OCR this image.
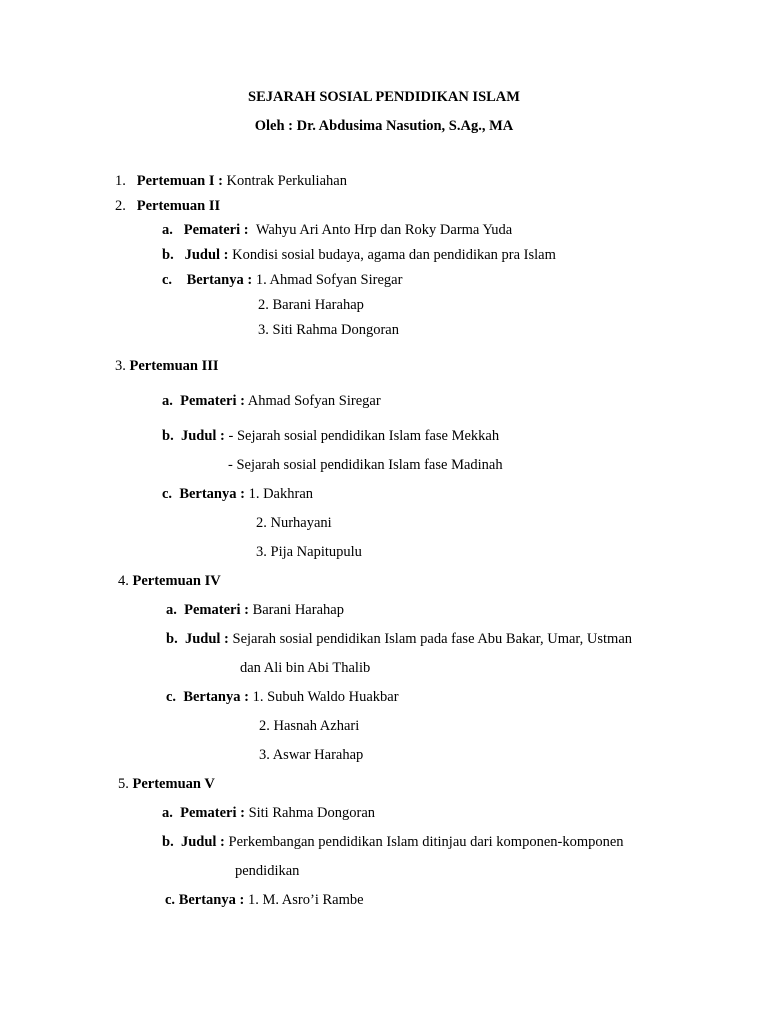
SEJARAH SOSIAL PENDIDIKAN ISLAM
Oleh : Dr. Abdusima Nasution, S.Ag., MA
1. Pertemuan I : Kontrak Perkuliahan
2. Pertemuan II
a. Pemateri : Wahyu Ari Anto Hrp dan Roky Darma Yuda
b. Judul : Kondisi sosial budaya, agama dan pendidikan pra Islam
c. Bertanya : 1. Ahmad Sofyan Siregar
2. Barani Harahap
3. Siti Rahma Dongoran
3. Pertemuan III
a. Pemateri : Ahmad Sofyan Siregar
b. Judul : - Sejarah sosial pendidikan Islam fase Mekkah
- Sejarah sosial pendidikan Islam fase Madinah
c. Bertanya : 1. Dakhran
2. Nurhayani
3. Pija Napitupulu
4. Pertemuan IV
a. Pemateri : Barani Harahap
b. Judul : Sejarah sosial pendidikan Islam pada fase Abu Bakar, Umar, Ustman
dan Ali bin Abi Thalib
c. Bertanya : 1. Subuh Waldo Huakbar
2. Hasnah Azhari
3. Aswar Harahap
5. Pertemuan V
a. Pemateri : Siti Rahma Dongoran
b. Judul : Perkembangan pendidikan Islam ditinjau dari komponen-komponen
pendidikan
c. Bertanya : 1. M. Asro’i Rambe
